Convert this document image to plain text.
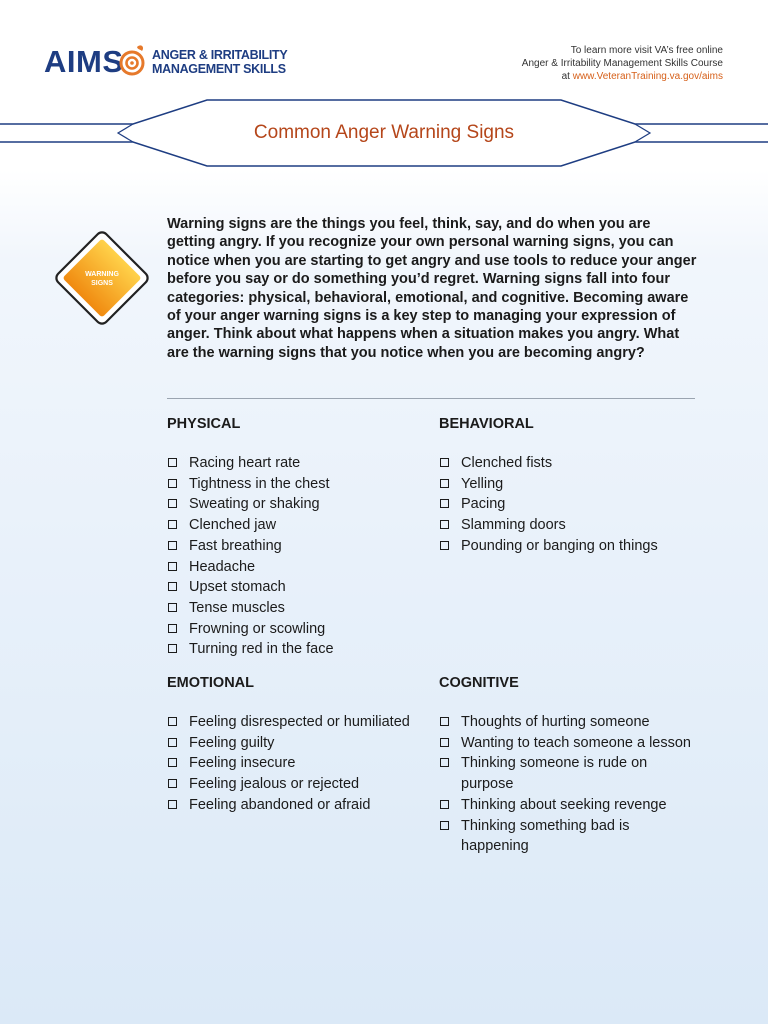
AIMS ANGER & IRRITABILITY
MANAGEMENT SKILLS
To learn more visit VA’s free online
Anger & Irritability Management Skills Course
at www.VeteranTraining.va.gov/aims
Common Anger Warning Signs
WARNING
SIGNS
Warning signs are the things you feel, think, say, and do when you are getting angry. If you recognize your own personal warning signs, you can notice when you are starting to get angry and use tools to reduce your anger before you say or do something you’d regret. Warning signs fall into four categories: physical, behavioral, emotional, and cognitive. Becoming aware of your anger warning signs is a key step to managing your expression of anger. Think about what happens when a situation makes you angry. What are the warning signs that you notice when you are becoming angry?
PHYSICAL
Racing heart rate
Tightness in the chest
Sweating or shaking
Clenched jaw
Fast breathing
Headache
Upset stomach
Tense muscles
Frowning or scowling
Turning red in the face
BEHAVIORAL
Clenched fists
Yelling
Pacing
Slamming doors
Pounding or banging on things
EMOTIONAL
Feeling disrespected or humiliated
Feeling guilty
Feeling insecure
Feeling jealous or rejected
Feeling abandoned or afraid
COGNITIVE
Thoughts of hurting someone
Wanting to teach someone a lesson
Thinking someone is rude on purpose
Thinking about seeking revenge
Thinking something bad is happening
